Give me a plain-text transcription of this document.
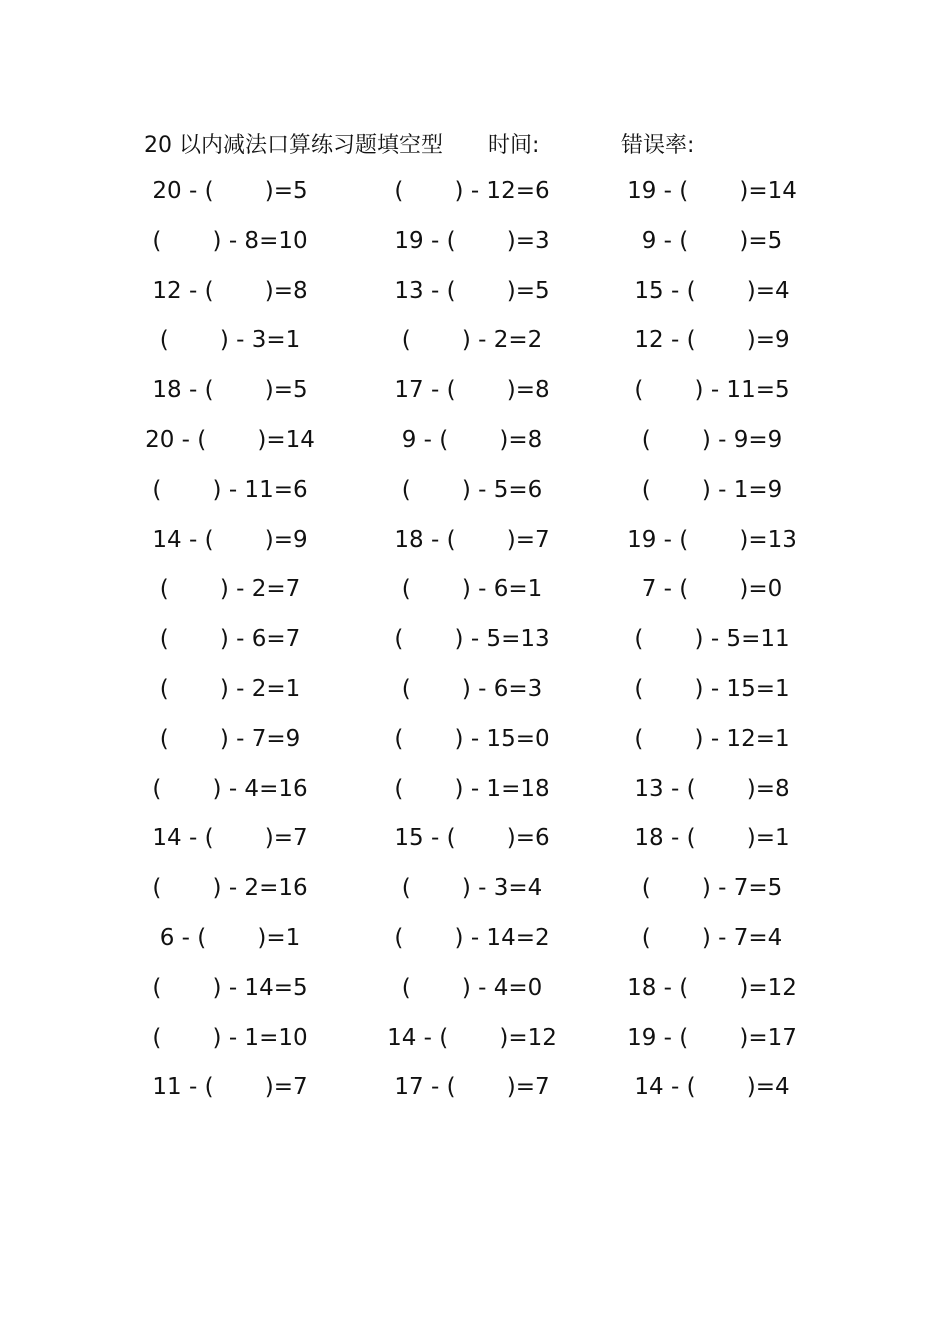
20 以内减法口算练习题填空型 时间:	错误率:
20 - (       )=5	(       ) - 12=6	19 - (       )=14
(       ) - 8=10	19 - (       )=3	9 - (       )=5
12 - (       )=8	13 - (       )=5	15 - (       )=4
(       ) - 3=1	(       ) - 2=2	12 - (       )=9
18 - (       )=5	17 - (       )=8	(       ) - 11=5
20 - (       )=14	9 - (       )=8	(       ) - 9=9
(       ) - 11=6	(       ) - 5=6	(       ) - 1=9
14 - (       )=9	18 - (       )=7	19 - (       )=13
(       ) - 2=7	(       ) - 6=1	7 - (       )=0
(       ) - 6=7	(       ) - 5=13	(       ) - 5=11
(       ) - 2=1	(       ) - 6=3	(       ) - 15=1
(       ) - 7=9	(       ) - 15=0	(       ) - 12=1
(       ) - 4=16	(       ) - 1=18	13 - (       )=8
14 - (       )=7	15 - (       )=6	18 - (       )=1
(       ) - 2=16	(       ) - 3=4	(       ) - 7=5
6 - (       )=1	(       ) - 14=2	(       ) - 7=4
(       ) - 14=5	(       ) - 4=0	18 - (       )=12
(       ) - 1=10	14 - (       )=12	19 - (       )=17
11 - (       )=7	17 - (       )=7	14 - (       )=4
